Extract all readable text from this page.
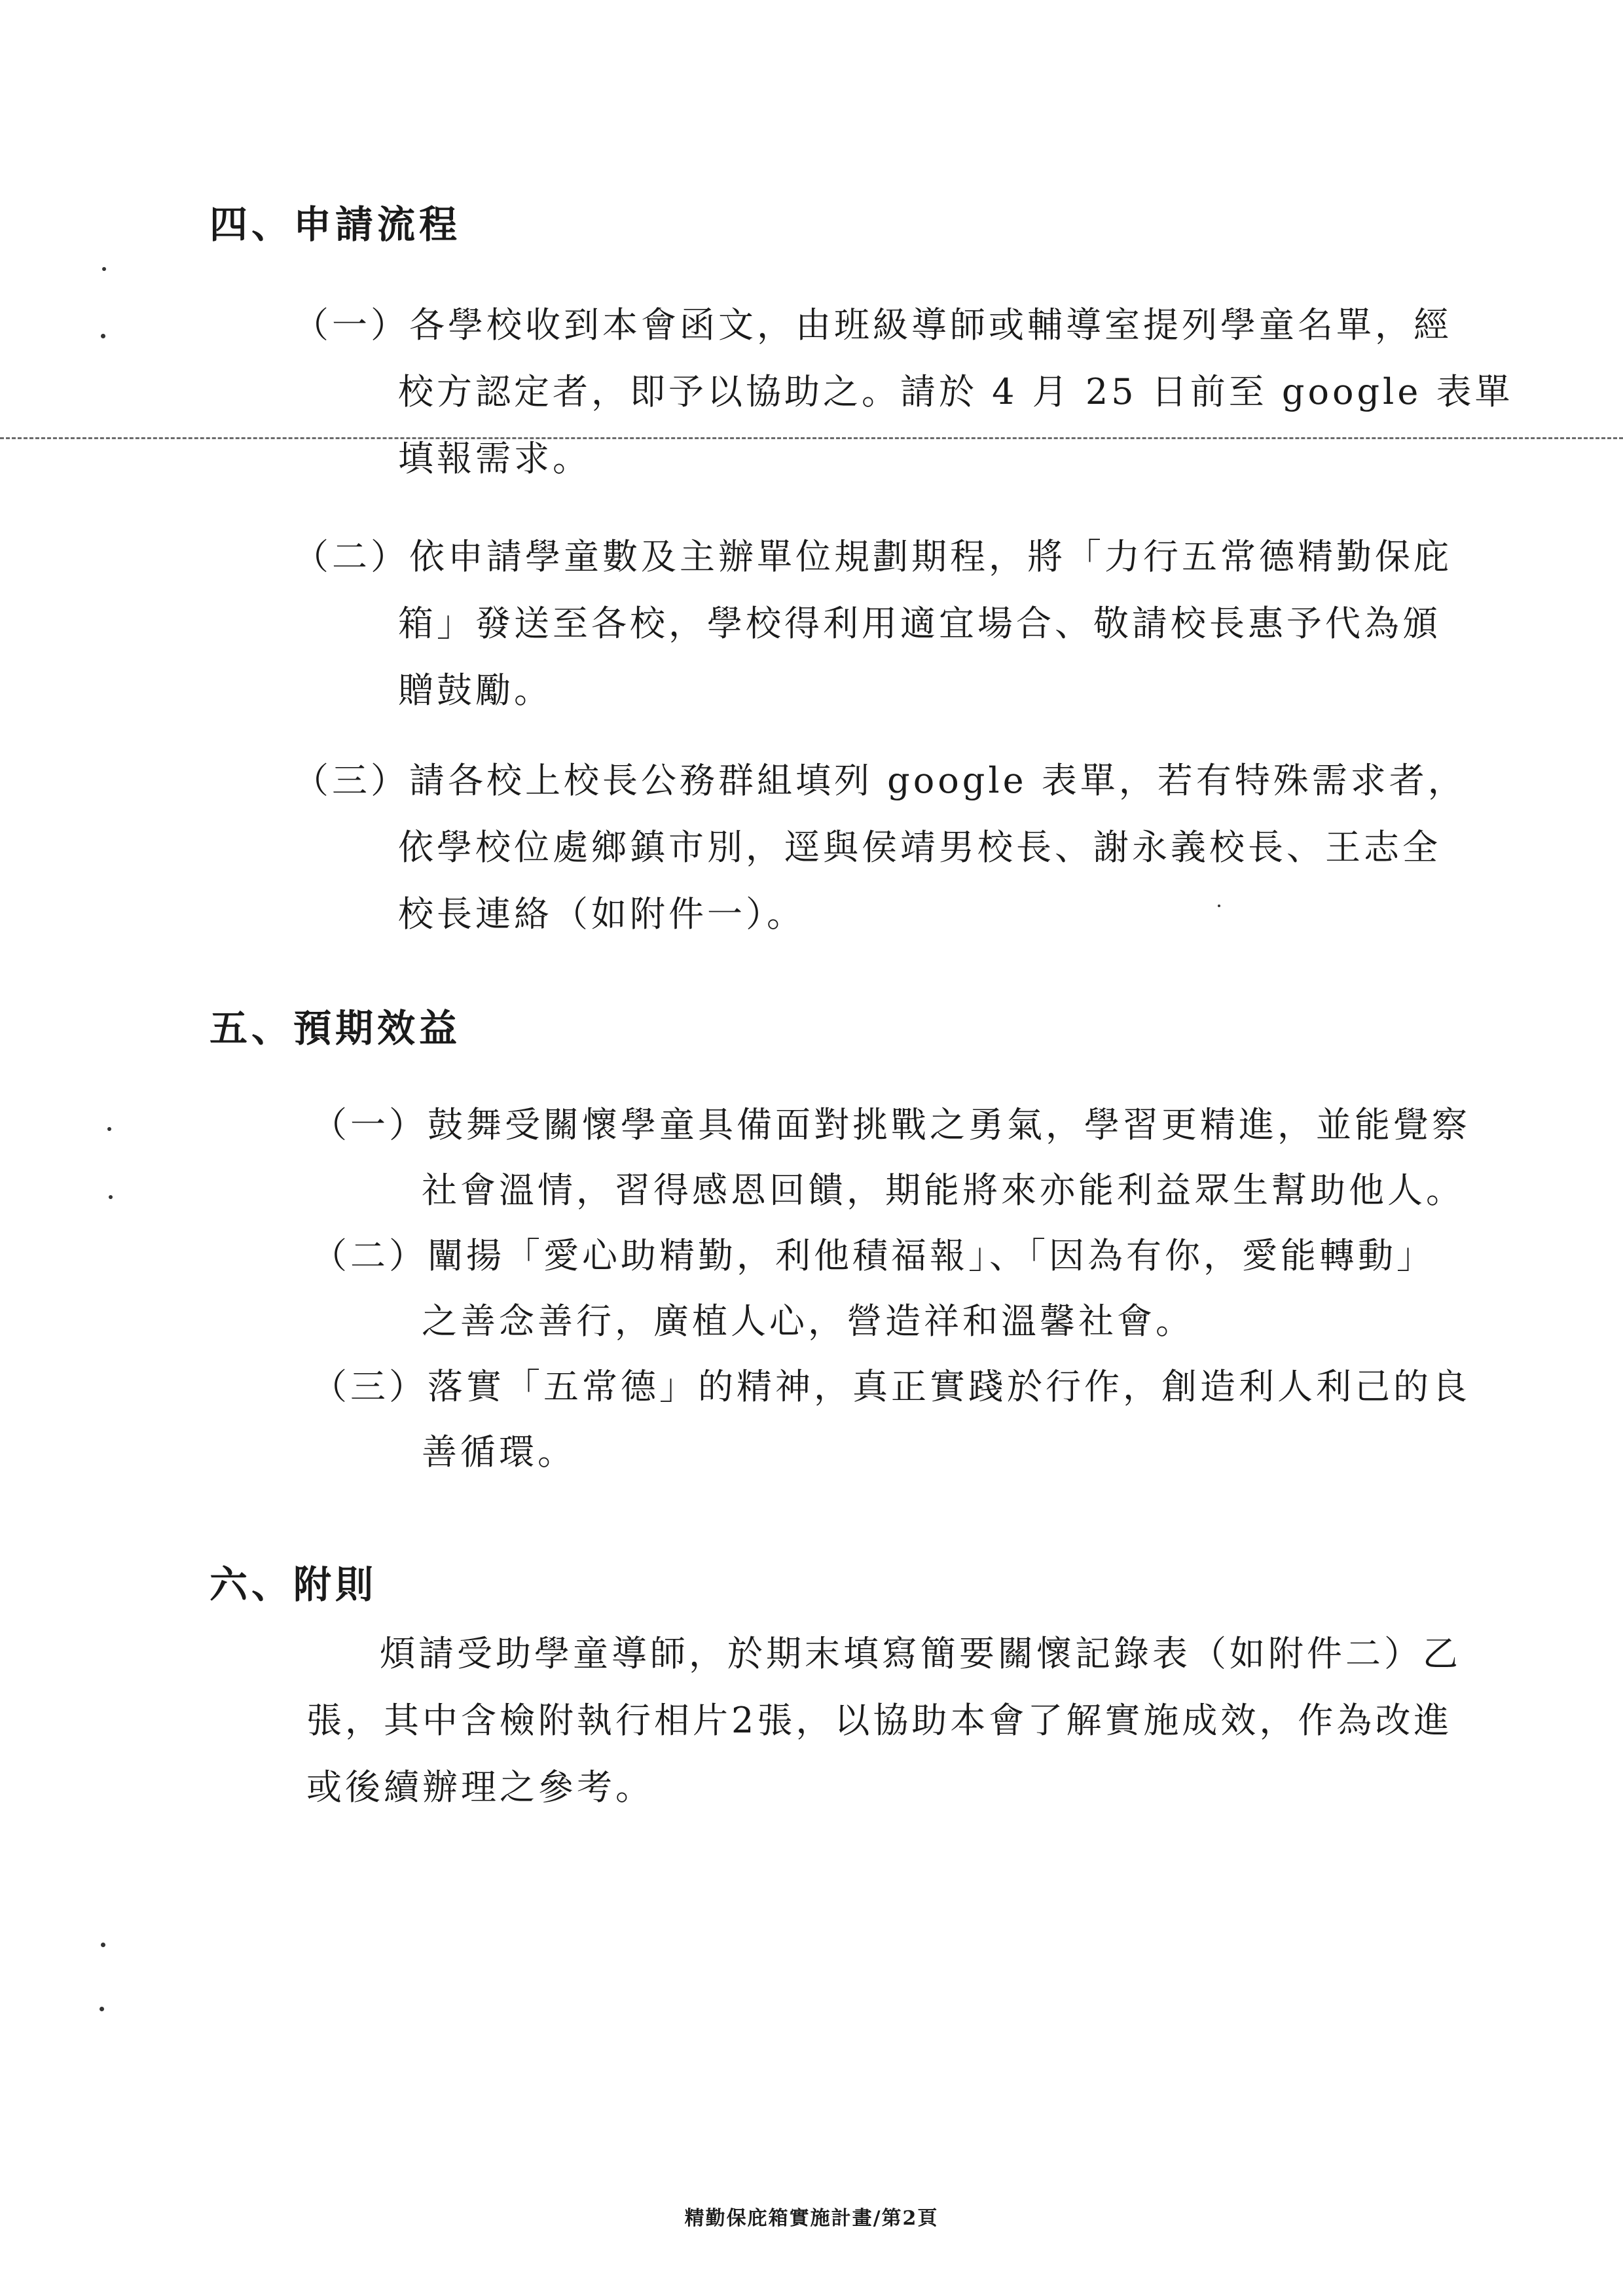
四、申請流程
（一）各學校收到本會函文，由班級導師或輔導室提列學童名單，經
校方認定者，即予以協助之。請於 4 月 25 日前至 google 表單
填報需求。
（二）依申請學童數及主辦單位規劃期程，將「力行五常德精勤保庇
箱」發送至各校，學校得利用適宜場合、敬請校長惠予代為頒
贈鼓勵。
（三）請各校上校長公務群組填列 google 表單，若有特殊需求者，
依學校位處鄉鎮市別，逕與侯靖男校長、謝永義校長、王志全
校長連絡（如附件一）。
五、預期效益
（一）鼓舞受關懷學童具備面對挑戰之勇氣，學習更精進，並能覺察
社會溫情，習得感恩回饋，期能將來亦能利益眾生幫助他人。
（二）闡揚「愛心助精勤，利他積福報」、「因為有你，愛能轉動」
之善念善行，廣植人心，營造祥和溫馨社會。
（三）落實「五常德」的精神，真正實踐於行作，創造利人利己的良
善循環。
六、附則
煩請受助學童導師，於期末填寫簡要關懷記錄表（如附件二）乙
張，其中含檢附執行相片2張，以協助本會了解實施成效，作為改進
或後續辦理之參考。
精勤保庇箱實施計畫/第2頁
